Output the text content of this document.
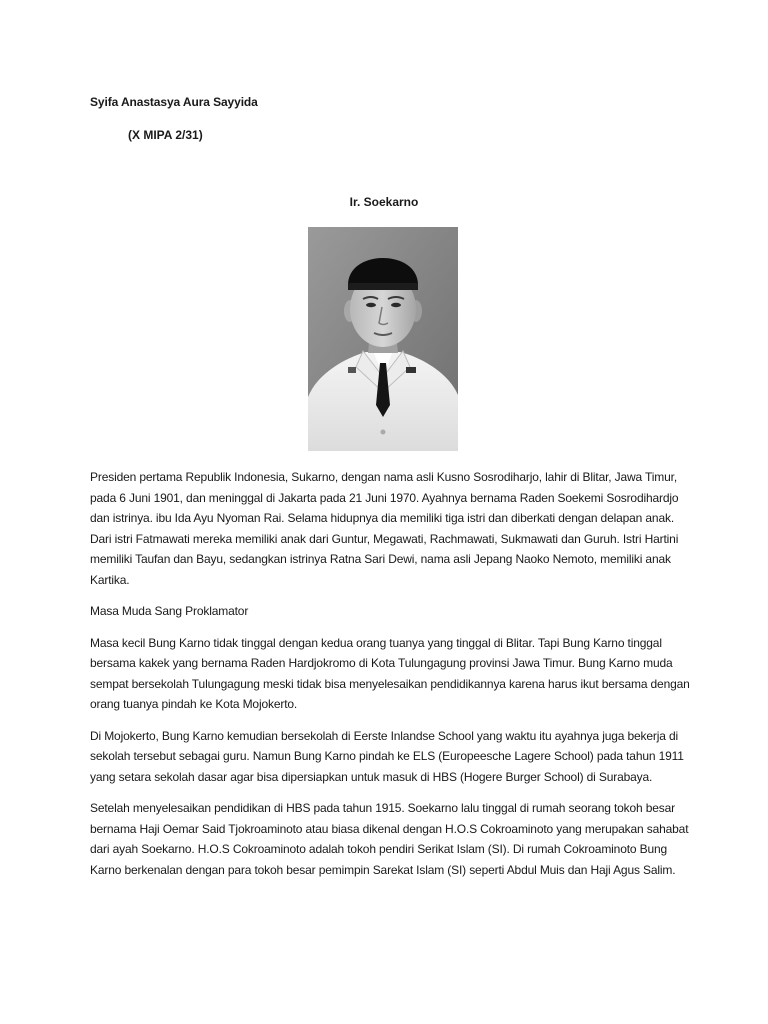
Syifa Anastasya Aura Sayyida
(X MIPA 2/31)
Ir. Soekarno

Presiden pertama Republik Indonesia, Sukarno, dengan nama asli Kusno Sosrodiharjo, lahir di Blitar, Jawa Timur, pada 6 Juni 1901, dan meninggal di Jakarta pada 21 Juni 1970. Ayahnya bernama Raden Soekemi Sosrodihardjo dan istrinya. ibu Ida Ayu Nyoman Rai. Selama hidupnya dia memiliki tiga istri dan diberkati dengan delapan anak. Dari istri Fatmawati mereka memiliki anak dari Guntur, Megawati, Rachmawati, Sukmawati dan Guruh. Istri Hartini memiliki Taufan dan Bayu, sedangkan istrinya Ratna Sari Dewi, nama asli Jepang Naoko Nemoto, memiliki anak Kartika.

Masa Muda Sang Proklamator

Masa kecil Bung Karno tidak tinggal dengan kedua orang tuanya yang tinggal di Blitar. Tapi Bung Karno tinggal bersama kakek yang bernama Raden Hardjokromo di Kota Tulungagung provinsi Jawa Timur. Bung Karno muda sempat bersekolah Tulungagung meski tidak bisa menyelesaikan pendidikannya karena harus ikut bersama dengan orang tuanya pindah ke Kota Mojokerto.

Di Mojokerto, Bung Karno kemudian bersekolah di Eerste Inlandse School yang waktu itu ayahnya juga bekerja di sekolah tersebut sebagai guru. Namun Bung Karno pindah ke ELS (Europeesche Lagere School) pada tahun 1911 yang setara sekolah dasar agar bisa dipersiapkan untuk masuk di HBS (Hogere Burger School) di Surabaya.

Setelah menyelesaikan pendidikan di HBS pada tahun 1915. Soekarno lalu tinggal di rumah seorang tokoh besar bernama Haji Oemar Said Tjokroaminoto atau biasa dikenal dengan H.O.S Cokroaminoto yang merupakan sahabat dari ayah Soekarno. H.O.S Cokroaminoto adalah tokoh pendiri Serikat Islam (SI). Di rumah Cokroaminoto Bung Karno berkenalan dengan para tokoh besar pemimpin Sarekat Islam (SI) seperti Abdul Muis dan Haji Agus Salim.
